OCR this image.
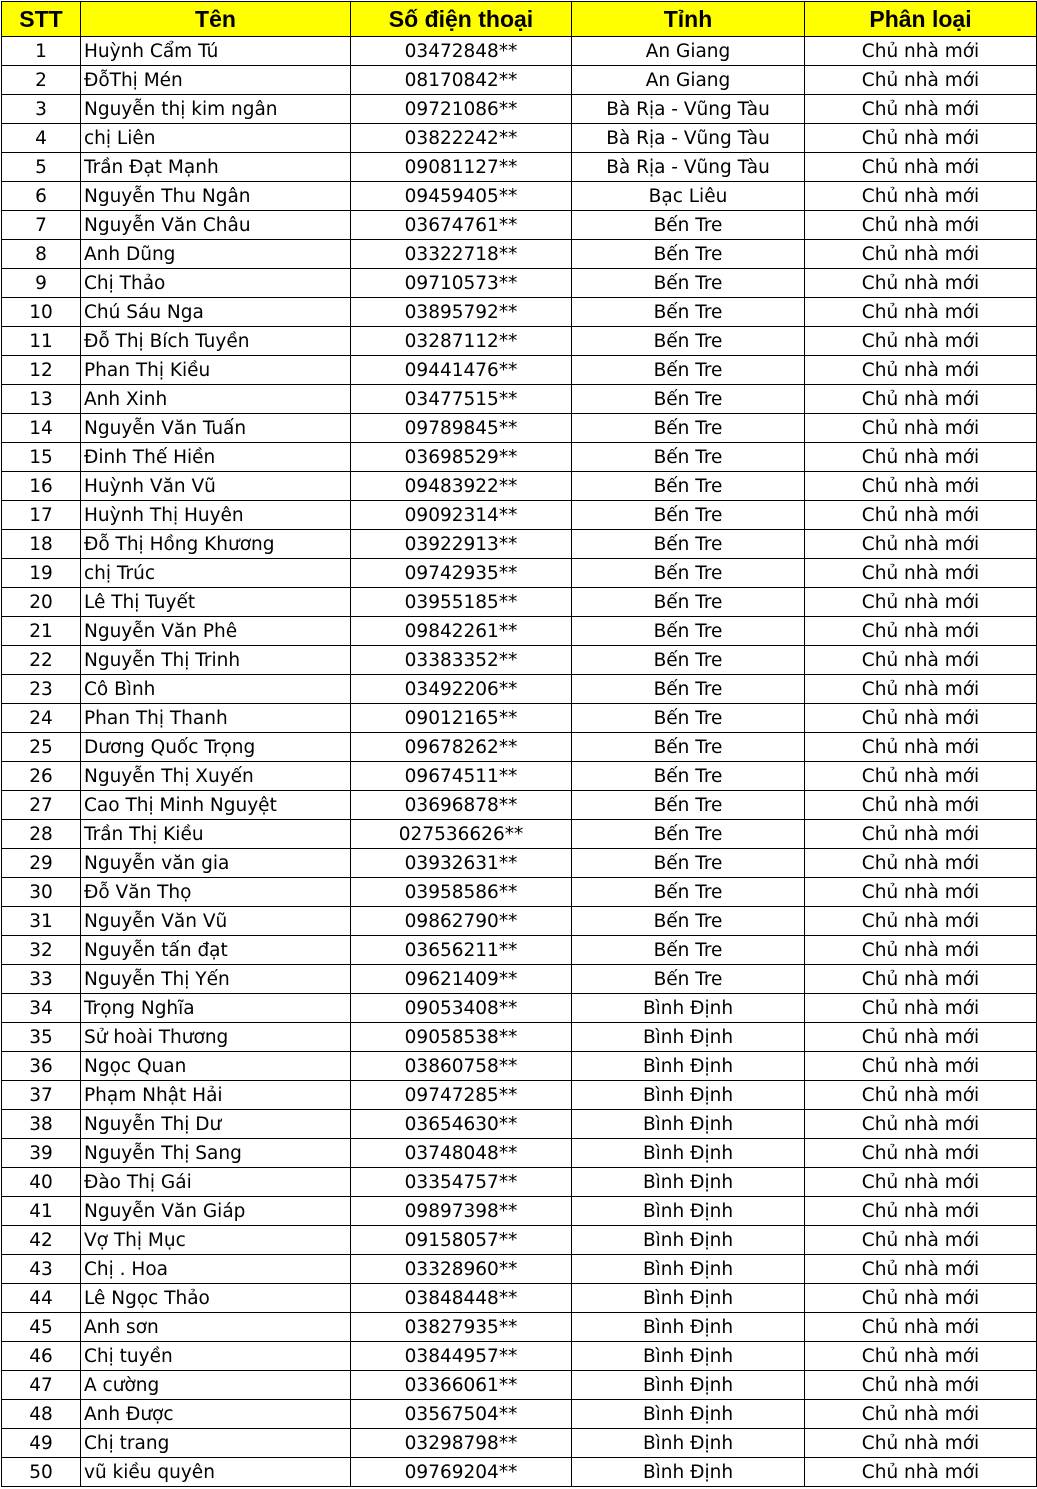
STT	Tên	Số điện thoại	Tỉnh	Phân loại
1	Huỳnh Cẩm Tú	03472848**	An Giang	Chủ nhà mới
2	ĐỗThị Mén	08170842**	An Giang	Chủ nhà mới
3	Nguyễn thị kim ngân	09721086**	Bà Rịa - Vũng Tàu	Chủ nhà mới
4	chị Liên	03822242**	Bà Rịa - Vũng Tàu	Chủ nhà mới
5	Trần Đạt Mạnh	09081127**	Bà Rịa - Vũng Tàu	Chủ nhà mới
6	Nguyễn Thu Ngân	09459405**	Bạc Liêu	Chủ nhà mới
7	Nguyễn Văn Châu	03674761**	Bến Tre	Chủ nhà mới
8	Anh Dũng	03322718**	Bến Tre	Chủ nhà mới
9	Chị Thảo	09710573**	Bến Tre	Chủ nhà mới
10	Chú Sáu Nga	03895792**	Bến Tre	Chủ nhà mới
11	Đỗ Thị Bích Tuyền	03287112**	Bến Tre	Chủ nhà mới
12	Phan Thị Kiều	09441476**	Bến Tre	Chủ nhà mới
13	Anh Xinh	03477515**	Bến Tre	Chủ nhà mới
14	Nguyễn Văn Tuấn	09789845**	Bến Tre	Chủ nhà mới
15	Đinh Thế Hiền	03698529**	Bến Tre	Chủ nhà mới
16	Huỳnh Văn Vũ	09483922**	Bến Tre	Chủ nhà mới
17	Huỳnh Thị Huyên	09092314**	Bến Tre	Chủ nhà mới
18	Đỗ Thị Hồng Khương	03922913**	Bến Tre	Chủ nhà mới
19	chị Trúc	09742935**	Bến Tre	Chủ nhà mới
20	Lê Thị Tuyết	03955185**	Bến Tre	Chủ nhà mới
21	Nguyễn Văn Phê	09842261**	Bến Tre	Chủ nhà mới
22	Nguyễn Thị Trinh	03383352**	Bến Tre	Chủ nhà mới
23	Cô Bình	03492206**	Bến Tre	Chủ nhà mới
24	Phan Thị Thanh	09012165**	Bến Tre	Chủ nhà mới
25	Dương Quốc Trọng	09678262**	Bến Tre	Chủ nhà mới
26	Nguyễn Thị Xuyến	09674511**	Bến Tre	Chủ nhà mới
27	Cao Thị Minh Nguyệt	03696878**	Bến Tre	Chủ nhà mới
28	Trần Thị Kiều	027536626**	Bến Tre	Chủ nhà mới
29	Nguyễn văn gia	03932631**	Bến Tre	Chủ nhà mới
30	Đỗ Văn Thọ	03958586**	Bến Tre	Chủ nhà mới
31	Nguyễn Văn Vũ	09862790**	Bến Tre	Chủ nhà mới
32	Nguyễn tấn đạt	03656211**	Bến Tre	Chủ nhà mới
33	Nguyễn Thị Yến	09621409**	Bến Tre	Chủ nhà mới
34	Trọng Nghĩa	09053408**	Bình Định	Chủ nhà mới
35	Sử hoài Thương	09058538**	Bình Định	Chủ nhà mới
36	Ngọc Quan	03860758**	Bình Định	Chủ nhà mới
37	Phạm Nhật Hải	09747285**	Bình Định	Chủ nhà mới
38	Nguyễn Thị Dư	03654630**	Bình Định	Chủ nhà mới
39	Nguyễn Thị Sang	03748048**	Bình Định	Chủ nhà mới
40	Đào Thị Gái	03354757**	Bình Định	Chủ nhà mới
41	Nguyễn Văn Giáp	09897398**	Bình Định	Chủ nhà mới
42	Vợ Thị Mục	09158057**	Bình Định	Chủ nhà mới
43	Chị . Hoa	03328960**	Bình Định	Chủ nhà mới
44	Lê Ngọc Thảo	03848448**	Bình Định	Chủ nhà mới
45	Anh sơn	03827935**	Bình Định	Chủ nhà mới
46	Chị tuyền	03844957**	Bình Định	Chủ nhà mới
47	A cường	03366061**	Bình Định	Chủ nhà mới
48	Anh Được	03567504**	Bình Định	Chủ nhà mới
49	Chị trang	03298798**	Bình Định	Chủ nhà mới
50	vũ kiều quyên	09769204**	Bình Định	Chủ nhà mới
